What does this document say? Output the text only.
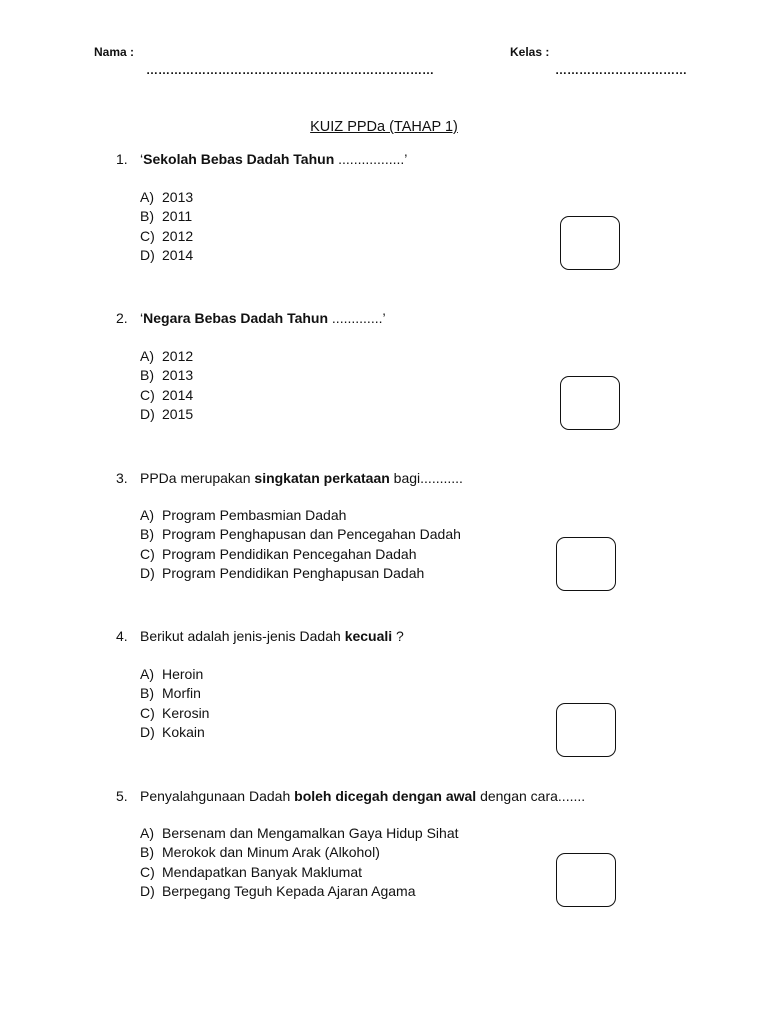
Nama :
………………………………………………………………
Kelas :
……………………………
KUIZ PPDa (TAHAP 1)
1. ‘Sekolah Bebas Dadah Tahun .................’
A) 2013
B) 2011
C) 2012
D) 2014
2. ‘Negara Bebas Dadah Tahun .............’
A) 2012
B) 2013
C) 2014
D) 2015
3. PPDa merupakan singkatan perkataan bagi...........
A) Program Pembasmian Dadah
B) Program Penghapusan dan Pencegahan Dadah
C) Program Pendidikan Pencegahan Dadah
D) Program Pendidikan Penghapusan Dadah
4. Berikut adalah jenis-jenis Dadah kecuali ?
A) Heroin
B) Morfin
C) Kerosin
D) Kokain
5. Penyalahgunaan Dadah boleh dicegah dengan awal dengan cara.......
A) Bersenam dan Mengamalkan Gaya Hidup Sihat
B) Merokok dan Minum Arak (Alkohol)
C) Mendapatkan Banyak Maklumat
D) Berpegang Teguh Kepada Ajaran Agama
